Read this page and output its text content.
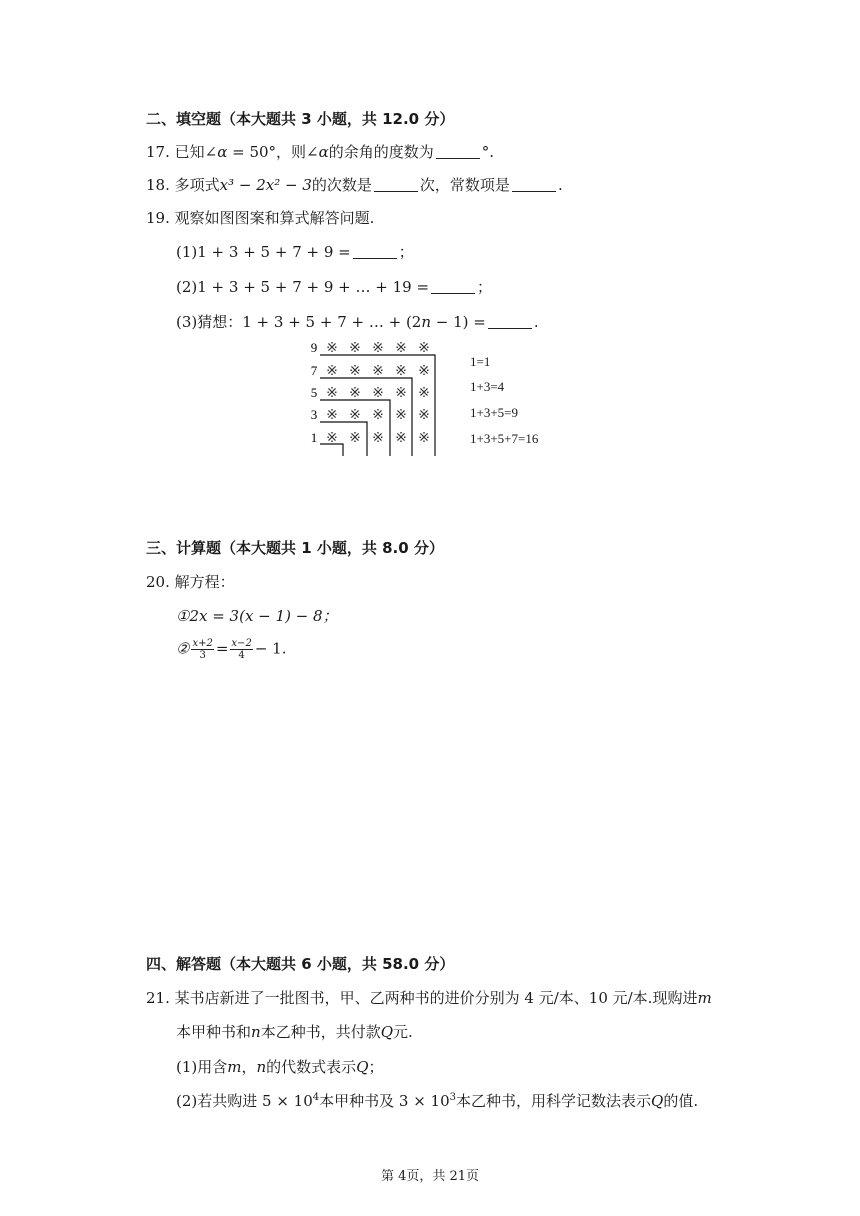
二、填空题（本大题共 3 小题，共 12.0 分）
17. 已知∠α = 50°，则∠α的余角的度数为	°.
18. 多项式x³ − 2x² − 3的次数是	次，常数项是	.
19. 观察如图图案和算式解答问题.
(1)1 + 3 + 5 + 7 + 9 =	；
(2)1 + 3 + 5 + 7 + 9 + … + 19 =	；
(3)猜想：1 + 3 + 5 + 7 + … + (2n − 1) =	.
※ ※ ※ ※ ※
※ ※ ※ ※ ※
※ ※ ※ ※ ※
※ ※ ※ ※ ※
※ ※ ※ ※ ※
9
7
5
3
1
1=1
1+3=4
1+3+5=9
1+3+5+7=16
三、计算题（本大题共 1 小题，共 8.0 分）
20. 解方程：
①2x = 3(x − 1) − 8；
② $\frac{x+2}{3} = \frac{x-2}{4} - 1$.
四、解答题（本大题共 6 小题，共 58.0 分）
21. 某书店新进了一批图书，甲、乙两种书的进价分别为 4 元/本、10 元/本.现购进m
本甲种书和n本乙种书，共付款Q元.
(1)用含m，n的代数式表示Q；
(2)若共购进 $5 \times 10^4$本甲种书及 $3 \times 10^3$本乙种书，用科学记数法表示Q的值.
第 4页，共 21页
